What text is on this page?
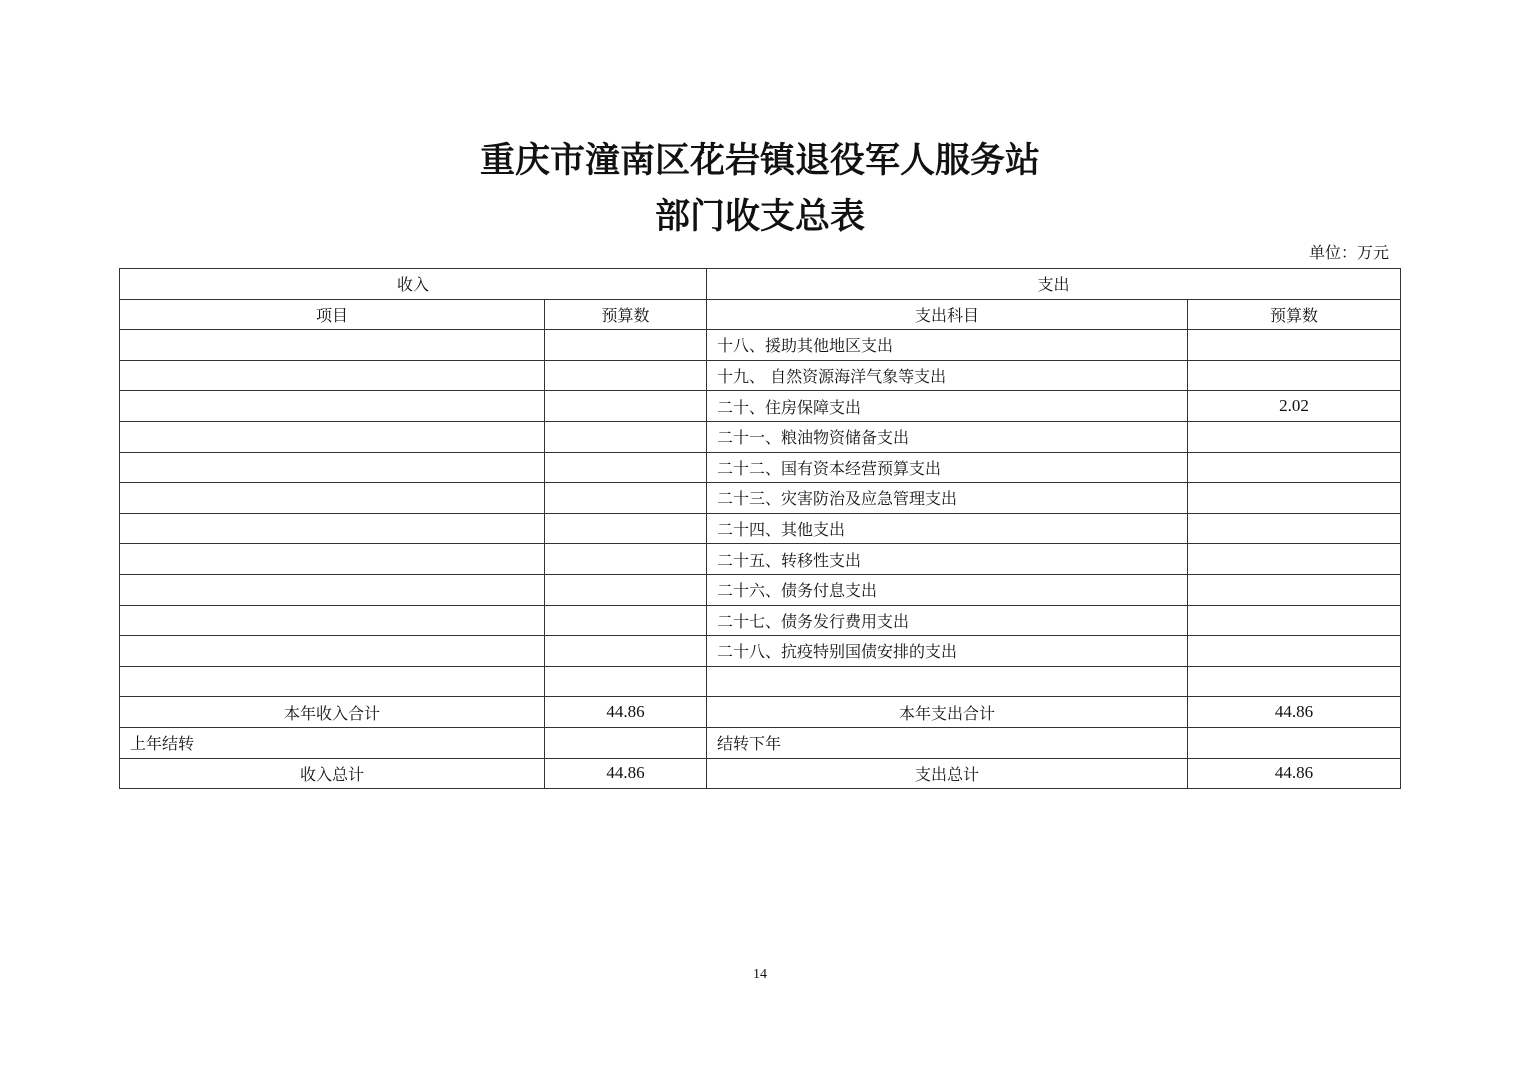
重庆市潼南区花岩镇退役军人服务站
部门收支总表
单位：万元
收入		支出	
项目	预算数	支出科目	预算数
		十八、援助其他地区支出	
		十九、 自然资源海洋气象等支出	
		二十、住房保障支出	2.02
		二十一、粮油物资储备支出	
		二十二、国有资本经营预算支出	
		二十三、灾害防治及应急管理支出	
		二十四、其他支出	
		二十五、转移性支出	
		二十六、债务付息支出	
		二十七、债务发行费用支出	
		二十八、抗疫特别国债安排的支出	

本年收入合计	44.86	本年支出合计	44.86
上年结转		结转下年	
收入总计	44.86	支出总计	44.86
14
